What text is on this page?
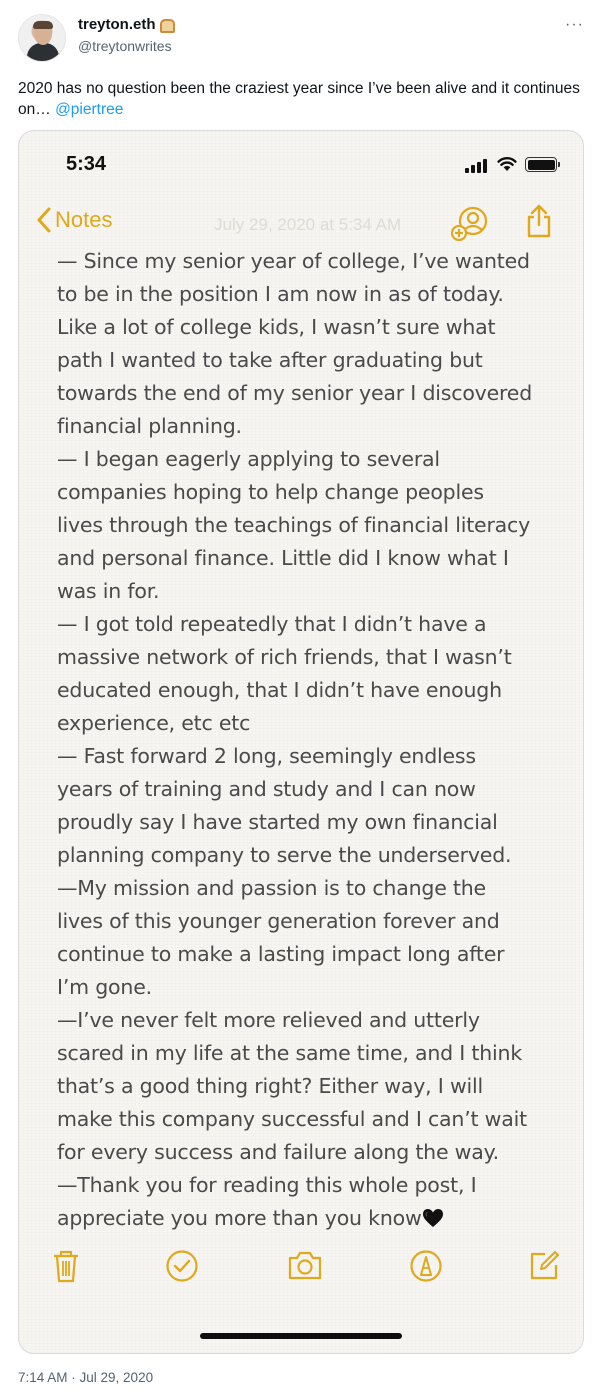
treyton.eth
@treytonwrites
···
2020 has no question been the craziest year since I’ve been alive and it continues on… @piertree
5:34
Notes	July 29, 2020 at 5:34 AM

— Since my senior year of college, I’ve wanted

to be in the position I am now in as of today.

Like a lot of college kids, I wasn’t sure what

path I wanted to take after graduating but

towards the end of my senior year I discovered

financial planning.

— I began eagerly applying to several

companies hoping to help change peoples

lives through the teachings of financial literacy

and personal finance. Little did I know what I

was in for.

— I got told repeatedly that I didn’t have a

massive network of rich friends, that I wasn’t

educated enough, that I didn’t have enough

experience, etc etc

— Fast forward 2 long, seemingly endless

years of training and study and I can now

proudly say I have started my own financial

planning company to serve the underserved.

—My mission and passion is to change the

lives of this younger generation forever and

continue to make a lasting impact long after

I’m gone.

—I’ve never felt more relieved and utterly

scared in my life at the same time, and I think

that’s a good thing right? Either way, I will

make this company successful and I can’t wait

for every success and failure along the way.

—Thank you for reading this whole post, I

appreciate you more than you know

7:14 AM · Jul 29, 2020
